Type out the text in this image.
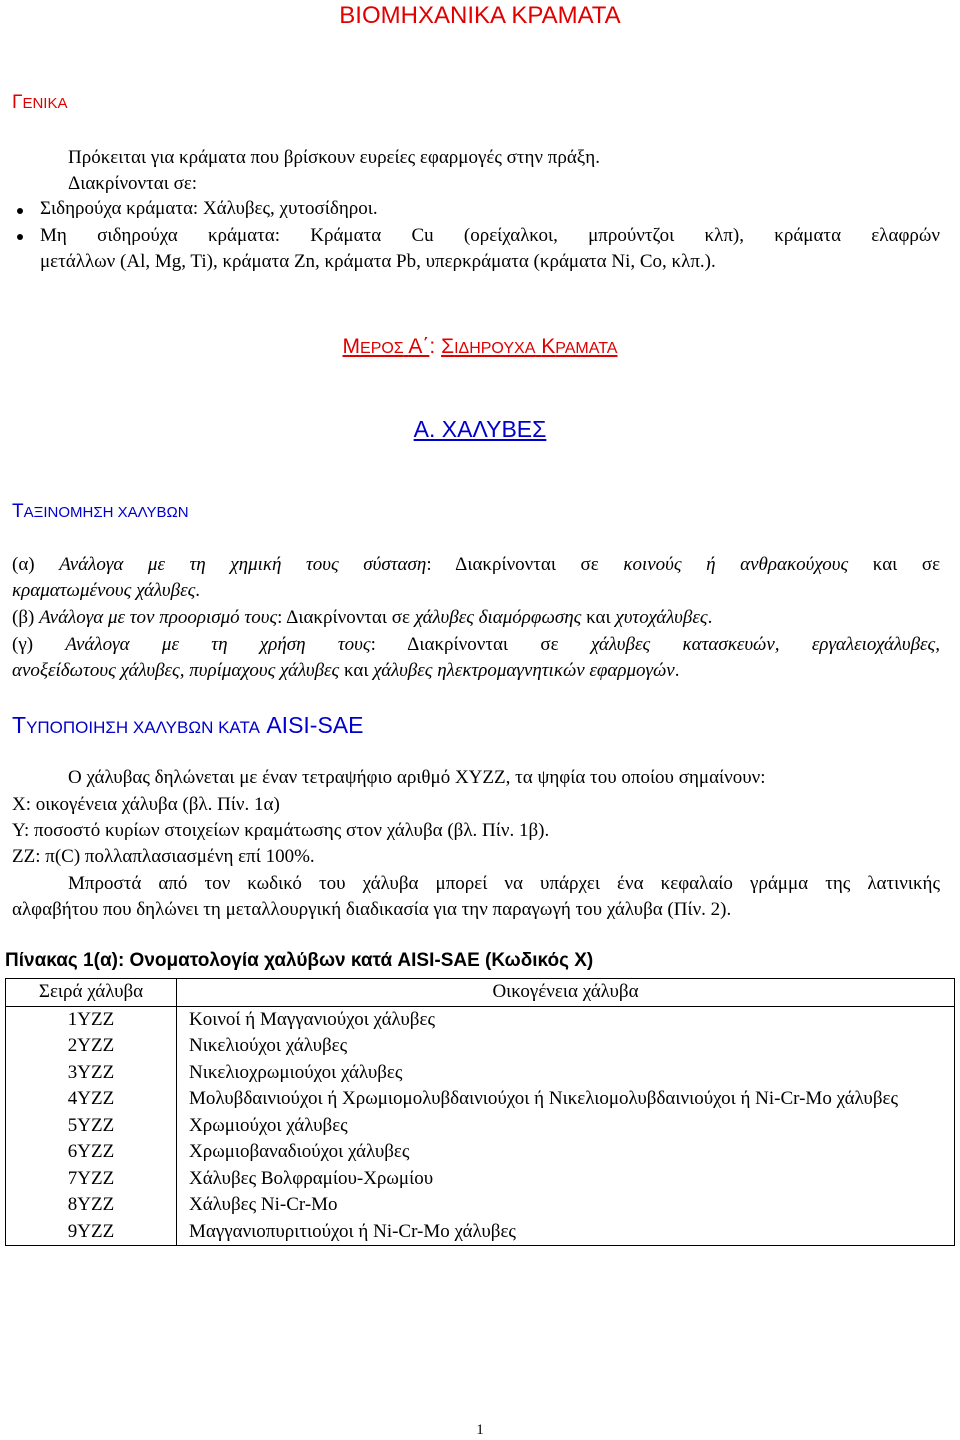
ΒΙΟΜΗΧΑΝΙΚΑ ΚΡΑΜΑΤΑ
ΓΕΝΙΚΑ
Πρόκειται για κράματα που βρίσκουν ευρείες εφαρμογές στην πράξη.
Διακρίνονται σε:
Σιδηρούχα κράματα: Χάλυβες, χυτοσίδηροι.
Μη σιδηρούχα κράματα: Κράματα Cu (ορείχαλκοι, μπρούντζοι κλπ), κράματα ελαφρών
μετάλλων (Al, Mg, Ti), κράματα Zn, κράματα Pb, υπερκράματα (κράματα Ni, Co, κλπ.).
ΜΕΡΟΣ Α΄: ΣΙΔΗΡΟΥΧΑ ΚΡΑΜΑΤΑ
Α. ΧΑΛΥΒΕΣ
ΤΑΞΙΝΟΜΗΣΗ ΧΑΛΥΒΩΝ
(α) Ανάλογα με τη χημική τους σύσταση: Διακρίνονται σε κοινούς ή ανθρακούχους και σε
κραματωμένους χάλυβες.
(β) Ανάλογα με τον προορισμό τους: Διακρίνονται σε χάλυβες διαμόρφωσης και χυτοχάλυβες.
(γ) Ανάλογα με τη χρήση τους: Διακρίνονται σε χάλυβες κατασκευών, εργαλειοχάλυβες,
ανοξείδωτους χάλυβες, πυρίμαχους χάλυβες και χάλυβες ηλεκτρομαγνητικών εφαρμογών.
ΤΥΠΟΠΟΙΗΣΗ ΧΑΛΥΒΩΝ ΚΑΤΑ AISI-SAE
Ο χάλυβας δηλώνεται με έναν τετραψήφιο αριθμό XYZZ, τα ψηφία του οποίου σημαίνουν:
X: οικογένεια χάλυβα (βλ. Πίν. 1α)
Y: ποσοστό κυρίων στοιχείων κραμάτωσης στον χάλυβα (βλ. Πίν. 1β).
ZZ: π(C) πολλαπλασιασμένη επί 100%.
Μπροστά από τον κωδικό του χάλυβα μπορεί να υπάρχει ένα κεφαλαίο γράμμα της λατινικής
αλφαβήτου που δηλώνει τη μεταλλουργική διαδικασία για την παραγωγή του χάλυβα (Πίν. 2).
Πίνακας 1(α): Ονοματολογία χαλύβων κατά AISI-SAE (Κωδικός Χ)
Σειρά χάλυβα	Οικογένεια χάλυβα
1YZZ	Κοινοί ή Μαγγανιούχοι χάλυβες
2YZZ	Νικελιούχοι χάλυβες
3YZZ	Νικελιοχρωμιούχοι χάλυβες
4YZZ	Μολυβδαινιούχοι ή Χρωμιομολυβδαινιούχοι ή Νικελιομολυβδαινιούχοι ή Ni-Cr-Mo χάλυβες
5YZZ	Χρωμιούχοι χάλυβες
6YZZ	Χρωμιοβαναδιούχοι χάλυβες
7YZZ	Χάλυβες Βολφραμίου-Χρωμίου
8YZZ	Χάλυβες Ni-Cr-Mo
9YZZ	Μαγγανιοπυριτιούχοι ή Ni-Cr-Mo χάλυβες
1
